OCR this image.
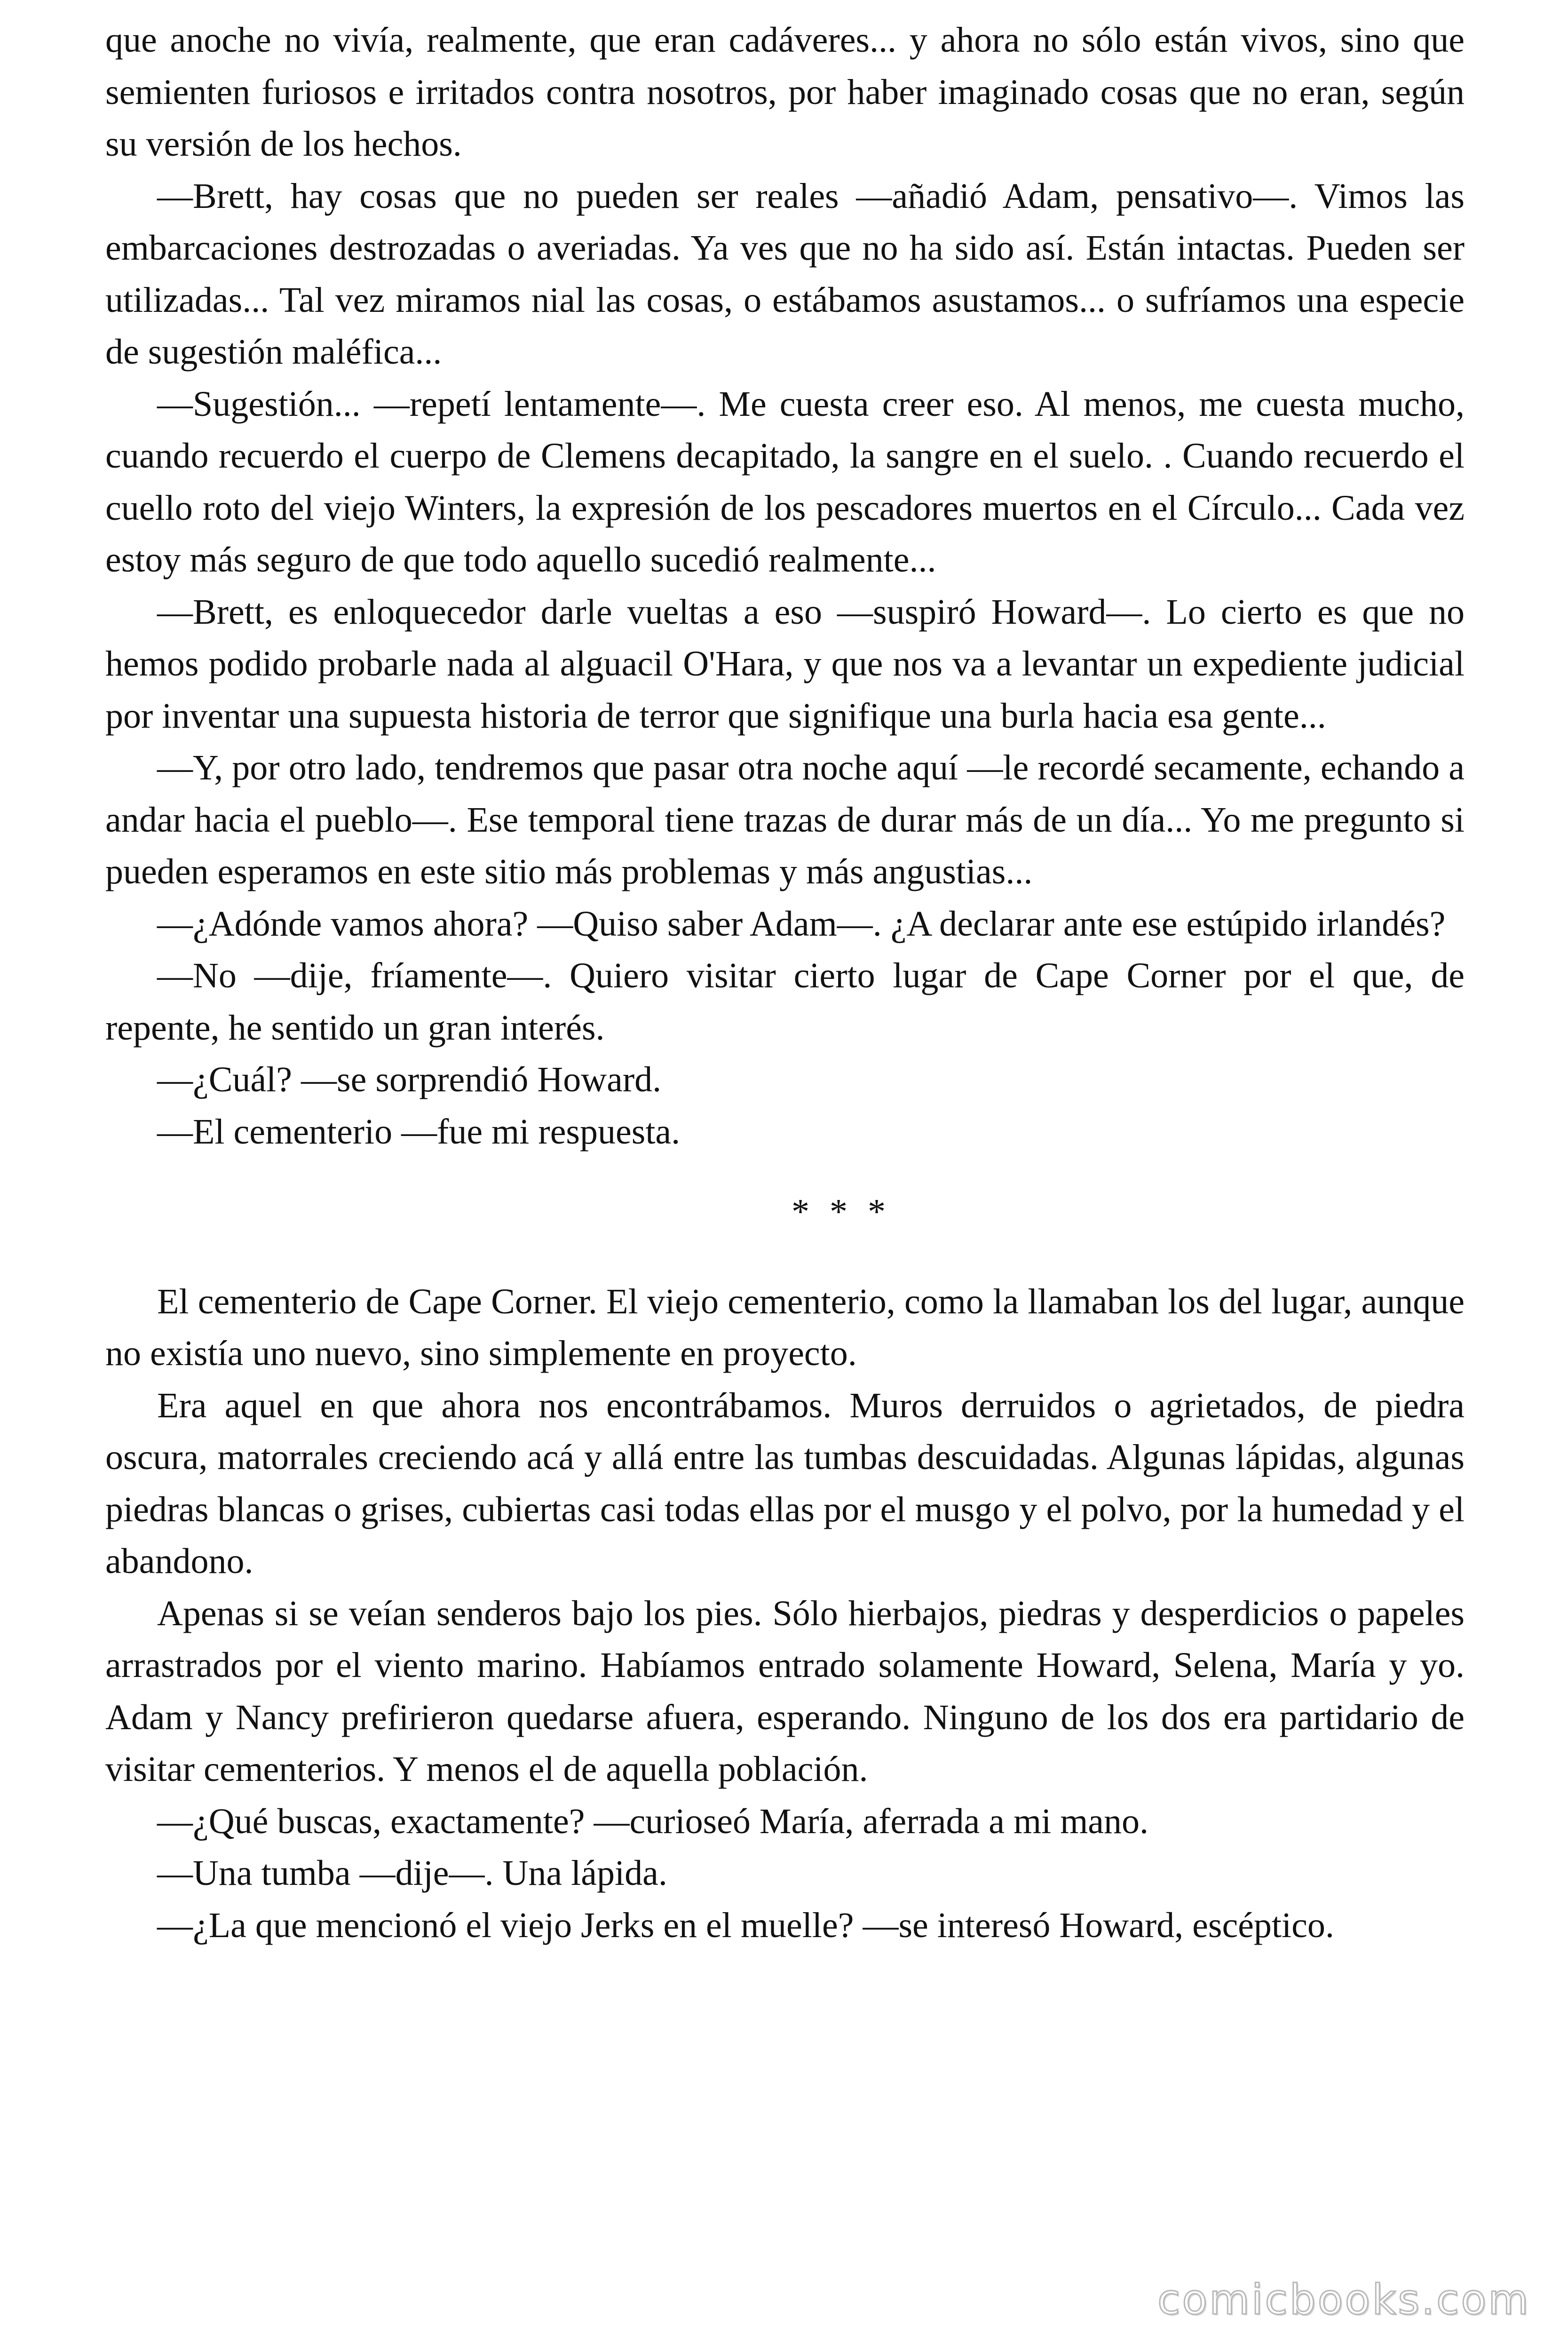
que anoche no vivía, realmente, que eran cadáveres... y ahora no sólo están vivos, sino que semienten furiosos e irritados contra nosotros, por haber imaginado cosas que no eran, según su versión de los hechos.

—Brett, hay cosas que no pueden ser reales —añadió Adam, pensativo—. Vimos las embarcaciones destrozadas o averiadas. Ya ves que no ha sido así. Están intactas. Pueden ser utilizadas... Tal vez miramos nial las cosas, o estábamos asustamos... o sufríamos una especie de sugestión maléfica...

—Sugestión... —repetí lentamente—. Me cuesta creer eso. Al menos, me cuesta mucho, cuando recuerdo el cuerpo de Clemens decapitado, la sangre en el suelo. . Cuando recuerdo el cuello roto del viejo Winters, la expresión de los pescadores muertos en el Círculo... Cada vez estoy más seguro de que todo aquello sucedió realmente...

—Brett, es enloquecedor darle vueltas a eso —suspiró Howard—. Lo cierto es que no hemos podido probarle nada al alguacil O'Hara, y que nos va a levantar un expediente judicial por inventar una supuesta historia de terror que signifique una burla hacia esa gente...

—Y, por otro lado, tendremos que pasar otra noche aquí —le recordé secamente, echando a andar hacia el pueblo—. Ese temporal tiene trazas de durar más de un día... Yo me pregunto si pueden esperamos en este sitio más problemas y más angustias...

—¿Adónde vamos ahora? —Quiso saber Adam—. ¿A declarar ante ese estúpido irlandés?

—No —dije, fríamente—. Quiero visitar cierto lugar de Cape Corner por el que, de repente, he sentido un gran interés.

—¿Cuál? —se sorprendió Howard.

—El cementerio —fue mi respuesta.

* * *

El cementerio de Cape Corner. El viejo cementerio, como la llamaban los del lugar, aunque no existía uno nuevo, sino simplemente en proyecto.

Era aquel en que ahora nos encontrábamos. Muros derruidos o agrietados, de piedra oscura, matorrales creciendo acá y allá entre las tumbas descuidadas. Algunas lápidas, algunas piedras blancas o grises, cubiertas casi todas ellas por el musgo y el polvo, por la humedad y el abandono.

Apenas si se veían senderos bajo los pies. Sólo hierbajos, piedras y desperdicios o papeles arrastrados por el viento marino. Habíamos entrado solamente Howard, Selena, María y yo. Adam y Nancy prefirieron quedarse afuera, esperando. Ninguno de los dos era partidario de visitar cementerios. Y menos el de aquella población.

—¿Qué buscas, exactamente? —curioseó María, aferrada a mi mano.

—Una tumba —dije—. Una lápida.

—¿La que mencionó el viejo Jerks en el muelle? —se interesó Howard, escéptico.

comicbooks.com
